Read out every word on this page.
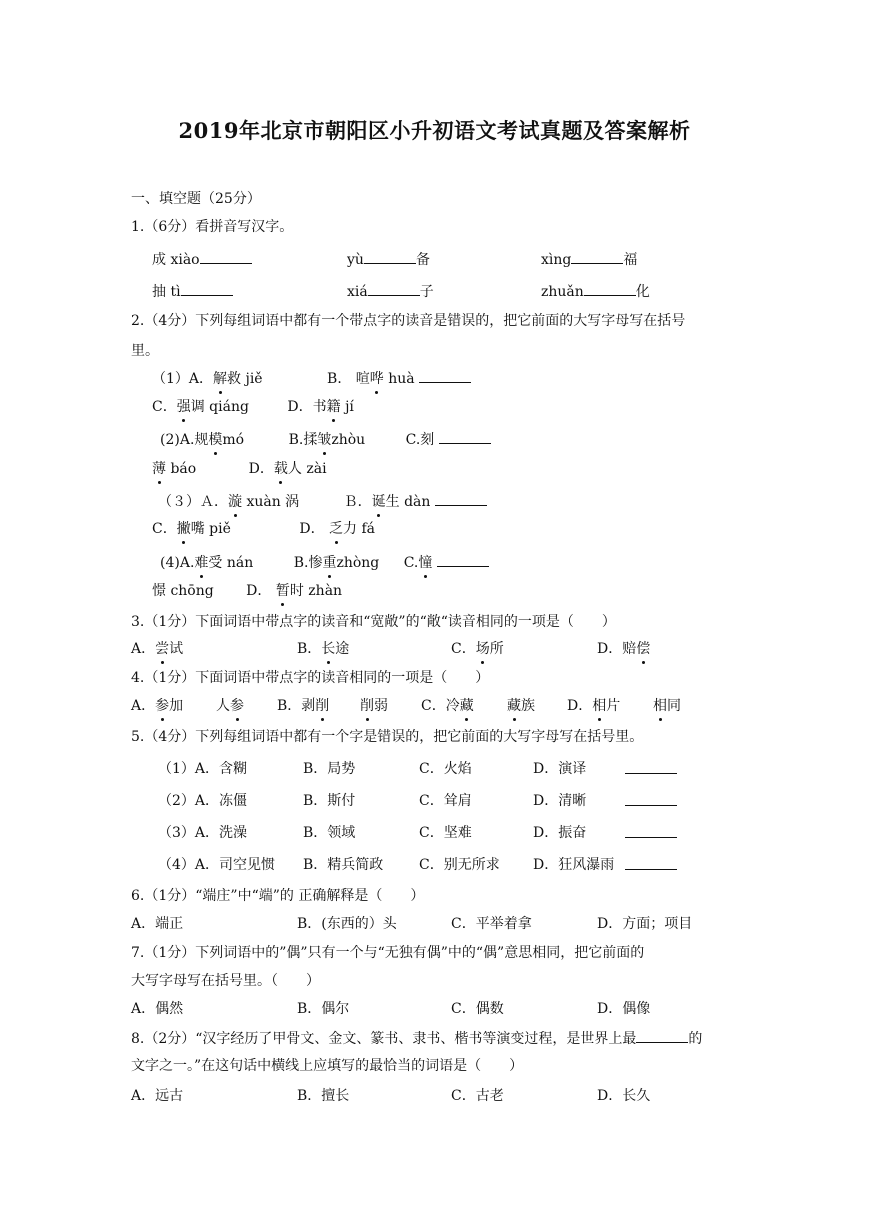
2019年北京市朝阳区小升初语文考试真题及答案解析
一、填空题（25分）
1.（6分）看拼音写汉字。
成 xiào	yù	备	xìng	福
抽 tì	xiá	子	zhuǎn	化
2.（4分）下列每组词语中都有一个带点字的读音是错误的，把它前面的大写字母写在括号
里。
（1）A．解救 jiě	B． 喧哗 huà
C．强调 qiáng	D．书籍 jí
(2)A.规模mó	B.揉皱zhòu	C.刻
薄 báo	D．载人 zài
（３）Ａ．漩 xuàn 涡	Ｂ．诞生 dàn
C．撇嘴 piě	D． 乏力 fá
(4)A.难受 nán	B.惨重zhòng C.憧
憬 chōng D． 暂时 zhàn
3.（1分）下面词语中带点字的读音和“宽敞”的“敞“读音相同的一项是（　　）
A．尝试	B．长途	C．场所	D．赔偿
4.（1分）下面词语中带点字的读音相同的一项是（　　）
A．参加 人参 B．剥削 削弱 C．冷藏 藏族 D．相片 相同
5.（4分）下列每组词语中都有一个字是错误的，把它前面的大写字母写在括号里。
（1）A．含糊	B．局势	C．火焰	D．演译
（2）A．冻僵	B．斯付	C．耸肩	D．清晰
（3）A．洗澡	B．领域	C．坚难	D．振奋
（4）A．司空见惯 B．精兵简政	C．别无所求 D．狂风瀑雨
6.（1分）“端庄”中“端”的 正确解释是（　　）
A．端正	B．(东西的）头	C．平举着拿	D．方面；项目
7.（1分）下列词语中的”偶”只有一个与“无独有偶”中的“偶”意思相同，把它前面的
大写字母写在括号里。（　　）
A．偶然	B．偶尔	C．偶数	D．偶像
8.（2分）“汉字经历了甲骨文、金文、篆书、隶书、楷书等演变过程，是世界上最	的
文字之一。”在这句话中横线上应填写的最恰当的词语是（　　）
A．远古	B．擅长	C．古老	D．长久
